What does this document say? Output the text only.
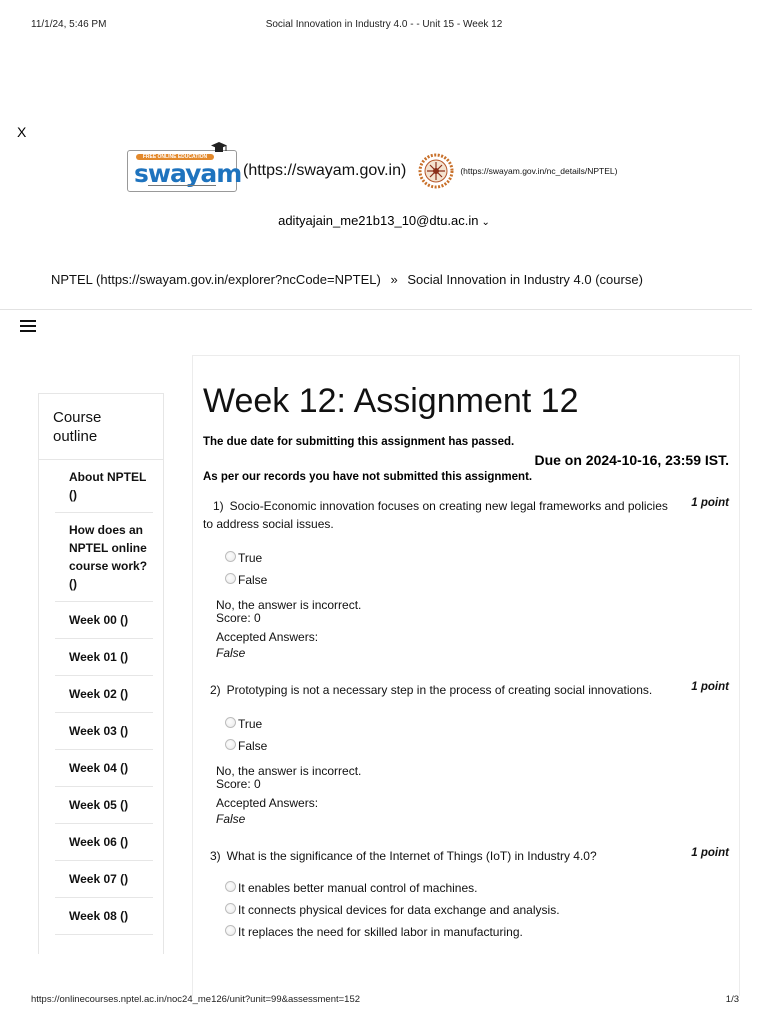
11/1/24, 5:46 PM	Social Innovation in Industry 4.0 - - Unit 15 - Week 12
X
FREE ONLINE EDUCATION
swayam (https://swayam.gov.in)	(https://swayam.gov.in/nc_details/NPTEL)
adityajain_me21b13_10@dtu.ac.in ⌄
NPTEL (https://swayam.gov.in/explorer?ncCode=NPTEL) » Social Innovation in Industry 4.0 (course)
Course outline
About NPTEL ()
How does an NPTEL online course work? ()
Week 00 ()
Week 01 ()
Week 02 ()
Week 03 ()
Week 04 ()
Week 05 ()
Week 06 ()
Week 07 ()
Week 08 ()
Week 12: Assignment 12
The due date for submitting this assignment has passed.
Due on 2024-10-16, 23:59 IST.
As per our records you have not submitted this assignment.
1) Socio-Economic innovation focuses on creating new legal frameworks and policies to address social issues.
1 point
True
False
No, the answer is incorrect.
Score: 0
Accepted Answers:
False
2) Prototyping is not a necessary step in the process of creating social innovations.	1 point
True
False
No, the answer is incorrect.
Score: 0
Accepted Answers:
False
3) What is the significance of the Internet of Things (IoT) in Industry 4.0?	1 point
It enables better manual control of machines.
It connects physical devices for data exchange and analysis.
It replaces the need for skilled labor in manufacturing.
https://onlinecourses.nptel.ac.in/noc24_me126/unit?unit=99&assessment=152	1/3
